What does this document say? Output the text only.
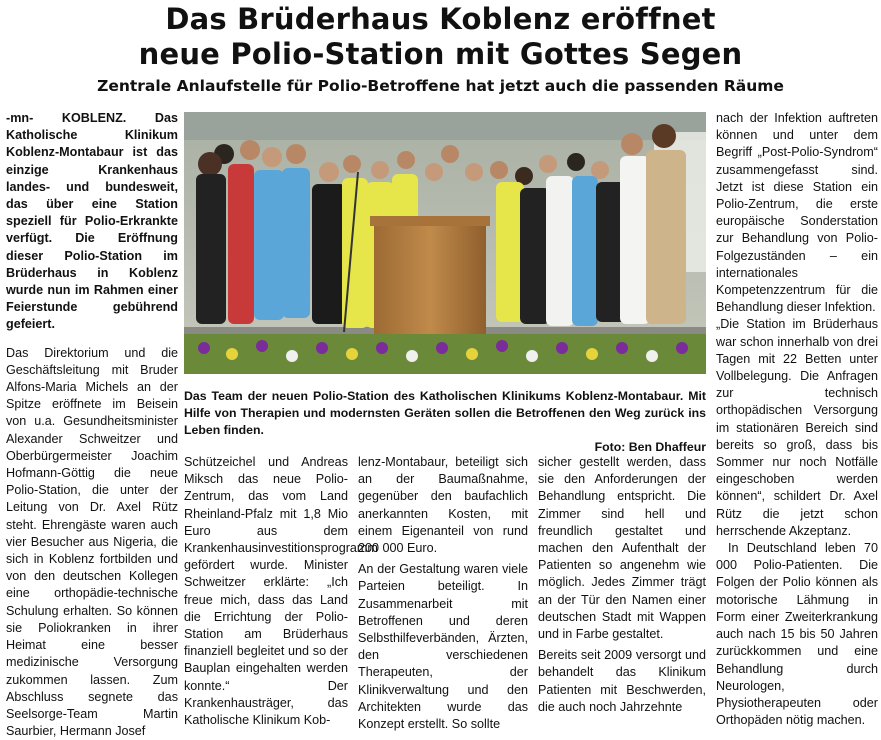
Das Brüderhaus Koblenz eröffnet
neue Polio-Station mit Gottes Segen
Zentrale Anlaufstelle für Polio-Betroffene hat jetzt auch die passenden Räume

-mn- KOBLENZ. Das Katholische Klinikum Koblenz-Montabaur ist das einzige Krankenhaus landes- und bundesweit, das über eine Station speziell für Polio-Erkrankte verfügt. Die Eröffnung dieser Polio-Station im Brüderhaus in Koblenz wurde nun im Rahmen einer Feierstunde gebührend gefeiert.

Das Direktorium und die Geschäftsleitung mit Bruder Alfons-Maria Michels an der Spitze eröffnete im Beisein von u.a. Gesundheitsminister Alexander Schweitzer und Oberbürgermeister Joachim Hofmann-Göttig die neue Polio-Station, die unter der Leitung von Dr. Axel Rütz steht. Ehrengäste waren auch vier Besucher aus Nigeria, die sich in Koblenz fortbilden und von den deutschen Kollegen eine orthopädie-technische Schulung erhalten. So können sie Poliokranken in ihrer Heimat eine besser medizinische Versorgung zukommen lassen. Zum Abschluss segnete das Seelsorge-Team Martin Saurbier, Hermann Josef

Das Team der neuen Polio-Station des Katholischen Klinikums Koblenz-Montabaur. Mit Hilfe von Therapien und modernsten Geräten sollen die Betroffenen den Weg zurück ins Leben finden.
Foto: Ben Dhaffeur

Schützeichel und Andreas Miksch das neue Polio-Zentrum, das vom Land Rheinland-Pfalz mit 1,8 Mio Euro aus dem Krankenhausinvestitionsprogramm gefördert wurde. Minister Schweitzer erklärte: „Ich freue mich, dass das Land die Errichtung der Polio-Station am Brüderhaus finanziell begleitet und so der Bauplan eingehalten werden konnte.“ Der Krankenhausträger, das Katholische Klinikum Kob-

lenz-Montabaur, beteiligt sich an der Baumaßnahme, gegenüber den baufachlich anerkannten Kosten, mit einem Eigenanteil von rund 200 000 Euro.

An der Gestaltung waren viele Parteien beteiligt. In Zusammenarbeit mit Betroffenen und deren Selbsthilfeverbänden, Ärzten, den verschiedenen Therapeuten, der Klinikverwaltung und den Architekten wurde das Konzept erstellt. So sollte

sicher gestellt werden, dass sie den Anforderungen der Behandlung entspricht. Die Zimmer sind hell und freundlich gestaltet und machen den Aufenthalt der Patienten so angenehm wie möglich. Jedes Zimmer trägt an der Tür den Namen einer deutschen Stadt mit Wappen und in Farbe gestaltet.

Bereits seit 2009 versorgt und behandelt das Klinikum Patienten mit Beschwerden, die auch noch Jahrzehnte

nach der Infektion auftreten können und unter dem Begriff „Post-Polio-Syndrom“ zusammengefasst sind. Jetzt ist diese Station ein Polio-Zentrum, die erste europäische Sonderstation zur Behandlung von Polio-Folgezuständen – ein internationales Kompetenzzentrum für die Behandlung dieser Infektion.

„Die Station im Brüderhaus war schon innerhalb von drei Tagen mit 22 Betten unter Vollbelegung. Die Anfragen zur technisch orthopädischen Versorgung im stationären Bereich sind bereits so groß, dass bis Sommer nur noch Notfälle eingeschoben werden können“, schildert Dr. Axel Rütz die jetzt schon herrschende Akzeptanz.

In Deutschland leben 70 000 Polio-Patienten. Die Folgen der Polio können als motorische Lähmung in Form einer Zweiterkrankung auch nach 15 bis 50 Jahren zurückkommen und eine Behandlung durch Neurologen, Physiotherapeuten oder Orthopäden nötig machen.
